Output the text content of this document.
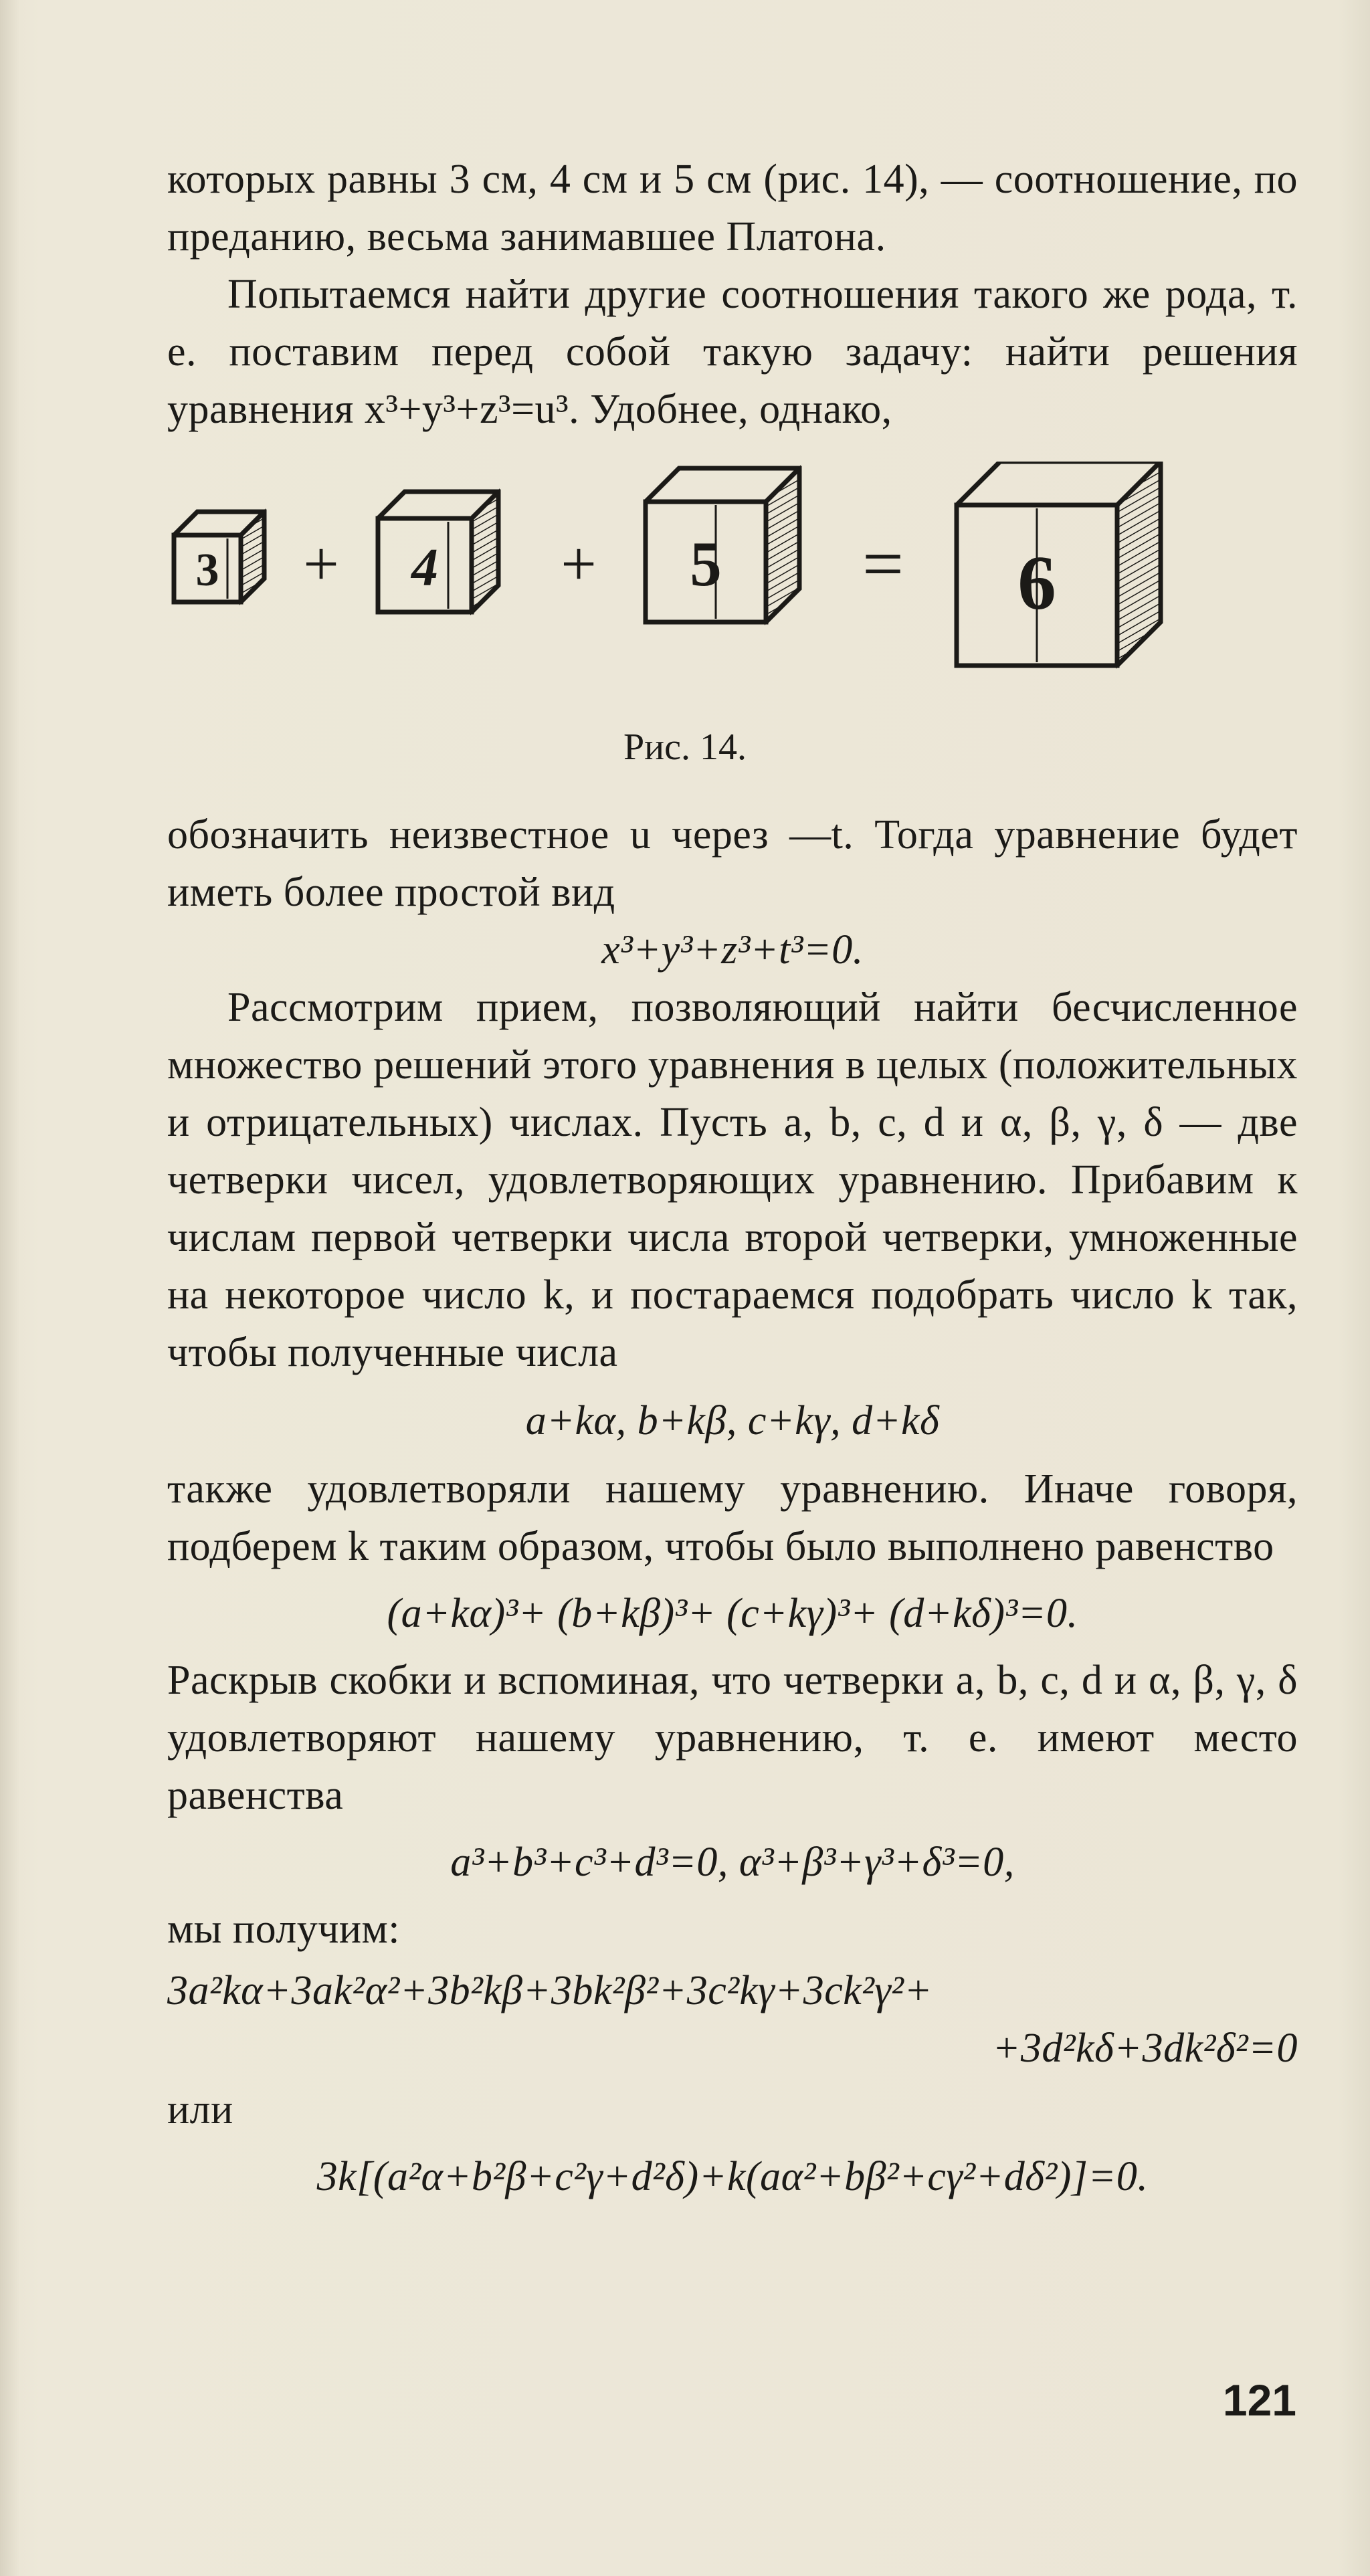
которых равны 3 см, 4 см и 5 см (рис. 14), — соотношение, по преданию, весьма занимавшее Платона.

Попытаемся найти другие соотношения такого же рода, т. е. поставим перед собой такую задачу: найти решения уравнения x³+y³+z³=u³. Удобнее, однако,

3	4	5	6
+	+	=
Рис. 14.

обозначить неизвестное u через —t. Тогда уравнение будет иметь более простой вид

x³+y³+z³+t³=0.

Рассмотрим прием, позволяющий найти бесчисленное множество решений этого уравнения в целых (положительных и отрицательных) числах. Пусть a, b, c, d и α, β, γ, δ — две четверки чисел, удовлетворяющих уравнению. Прибавим к числам первой четверки числа второй четверки, умноженные на некоторое число k, и постараемся подобрать число k так, чтобы полученные числа

a+kα, b+kβ, c+kγ, d+kδ

также удовлетворяли нашему уравнению. Иначе говоря, подберем k таким образом, чтобы было выполнено равенство

(a+kα)³+ (b+kβ)³+ (c+kγ)³+ (d+kδ)³=0.

Раскрыв скобки и вспоминая, что четверки a, b, c, d и α, β, γ, δ удовлетворяют нашему уравнению, т. е. имеют место равенства

a³+b³+c³+d³=0, α³+β³+γ³+δ³=0,

мы получим:

3a²kα+3ak²α²+3b²kβ+3bk²β²+3c²kγ+3ck²γ²+

+3d²kδ+3dk²δ²=0

или

3k[(a²α+b²β+c²γ+d²δ)+k(aα²+bβ²+cγ²+dδ²)]=0.

121
